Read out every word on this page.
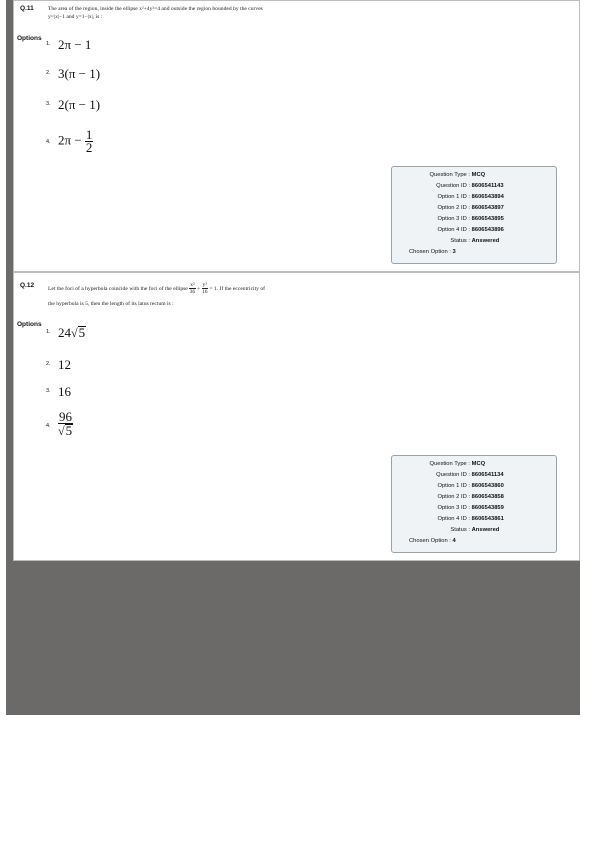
Q.11	The area of the region, inside the ellipse x²+4y²=4 and outside the region bounded by the curves
y=|x|−1 and y=1−|x|, is :
Options
1. 2π − 1
2. 3(π − 1)
3. 2(π − 1)
4. $2\pi - \frac{1}{2}$
Question Type : MCQ
Question ID : 8606541143
Option 1 ID : 8606543894
Option 2 ID : 8606543897
Option 3 ID : 8606543895
Option 4 ID : 8606543896
Status : Answered
Chosen Option : 3
Q.12 Let the foci of a hyperbola coincide with the foci of the ellipse $\frac{\text{x²}}{36} + \frac{\text{y²}}{16} = 1$. If the eccentricity of
the hyperbola is 5, then the length of its latus rectum is :
Options
1. 24√5
2. 12
3. 16
4. $\frac{96}{√5}$
Question Type : MCQ
Question ID : 8606541134
Option 1 ID : 8606543860
Option 2 ID : 8606543858
Option 3 ID : 8606543859
Option 4 ID : 8606543861
Status : Answered
Chosen Option : 4
